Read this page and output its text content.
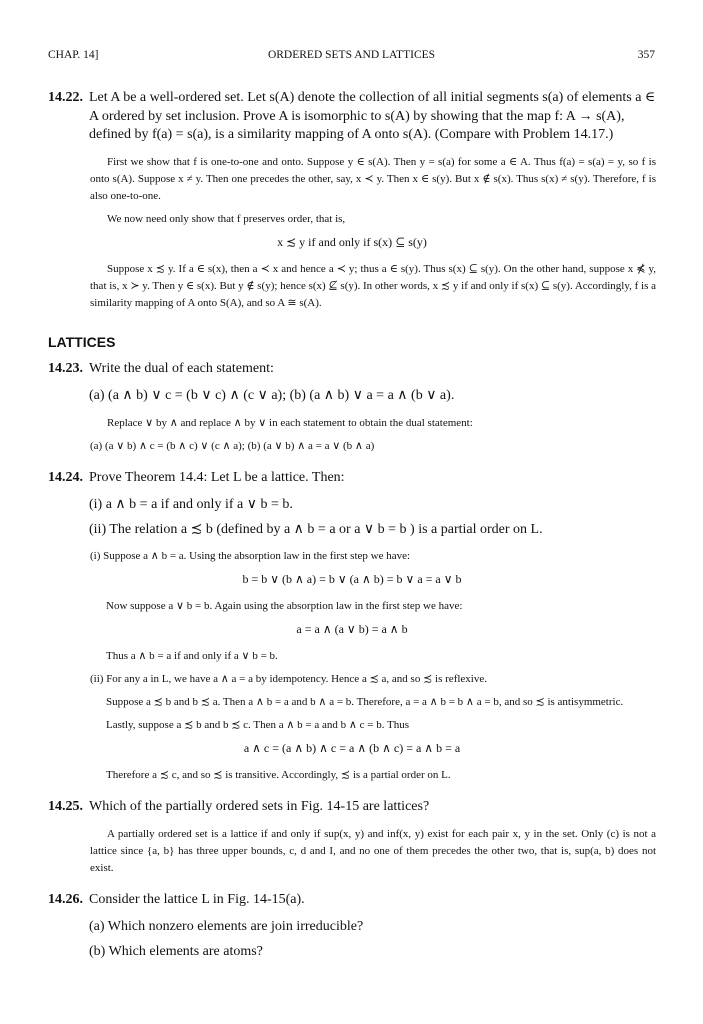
CHAP. 14]	ORDERED SETS AND LATTICES	357

14.22. Let A be a well-ordered set. Let s(A) denote the collection of all initial segments s(a) of elements a ∈ A ordered by set inclusion. Prove A is isomorphic to s(A) by showing that the map f: A → s(A), defined by f(a) = s(a), is a similarity mapping of A onto s(A). (Compare with Problem 14.17.)

First we show that f is one-to-one and onto. Suppose y ∈ s(A). Then y = s(a) for some a ∈ A. Thus f(a) = s(a) = y, so f is onto s(A). Suppose x ≠ y. Then one precedes the other, say, x ≺ y. Then x ∈ s(y). But x ∉ s(x). Thus s(x) ≠ s(y). Therefore, f is also one-to-one.

We now need only show that f preserves order, that is,

x ≾ y if and only if s(x) ⊆ s(y)

Suppose x ≾ y. If a ∈ s(x), then a ≺ x and hence a ≺ y; thus a ∈ s(y). Thus s(x) ⊆ s(y). On the other hand, suppose x ⋠ y, that is, x ≻ y. Then y ∈ s(x). But y ∉ s(y); hence s(x) ⊈ s(y). In other words, x ≾ y if and only if s(x) ⊆ s(y). Accordingly, f is a similarity mapping of A onto S(A), and so A ≅ s(A).

LATTICES

14.23. Write the dual of each statement:

(a) (a ∧ b) ∨ c = (b ∨ c) ∧ (c ∨ a); (b) (a ∧ b) ∨ a = a ∧ (b ∨ a).

Replace ∨ by ∧ and replace ∧ by ∨ in each statement to obtain the dual statement:

(a) (a ∨ b) ∧ c = (b ∧ c) ∨ (c ∧ a); (b) (a ∨ b) ∧ a = a ∨ (b ∧ a)

14.24. Prove Theorem 14.4: Let L be a lattice. Then:

(i) a ∧ b = a if and only if a ∨ b = b.

(ii) The relation a ≾ b (defined by a ∧ b = a or a ∨ b = b ) is a partial order on L.

(i) Suppose a ∧ b = a. Using the absorption law in the first step we have:

b = b ∨ (b ∧ a) = b ∨ (a ∧ b) = b ∨ a = a ∨ b

Now suppose a ∨ b = b. Again using the absorption law in the first step we have:

a = a ∧ (a ∨ b) = a ∧ b

Thus a ∧ b = a if and only if a ∨ b = b.

(ii) For any a in L, we have a ∧ a = a by idempotency. Hence a ≾ a, and so ≾ is reflexive.

Suppose a ≾ b and b ≾ a. Then a ∧ b = a and b ∧ a = b. Therefore, a = a ∧ b = b ∧ a = b, and so ≾ is antisymmetric.

Lastly, suppose a ≾ b and b ≾ c. Then a ∧ b = a and b ∧ c = b. Thus

a ∧ c = (a ∧ b) ∧ c = a ∧ (b ∧ c) = a ∧ b = a

Therefore a ≾ c, and so ≾ is transitive. Accordingly, ≾ is a partial order on L.

14.25. Which of the partially ordered sets in Fig. 14-15 are lattices?

A partially ordered set is a lattice if and only if sup(x, y) and inf(x, y) exist for each pair x, y in the set. Only (c) is not a lattice since {a, b} has three upper bounds, c, d and I, and no one of them precedes the other two, that is, sup(a, b) does not exist.

14.26. Consider the lattice L in Fig. 14-15(a).

(a) Which nonzero elements are join irreducible?

(b) Which elements are atoms?
